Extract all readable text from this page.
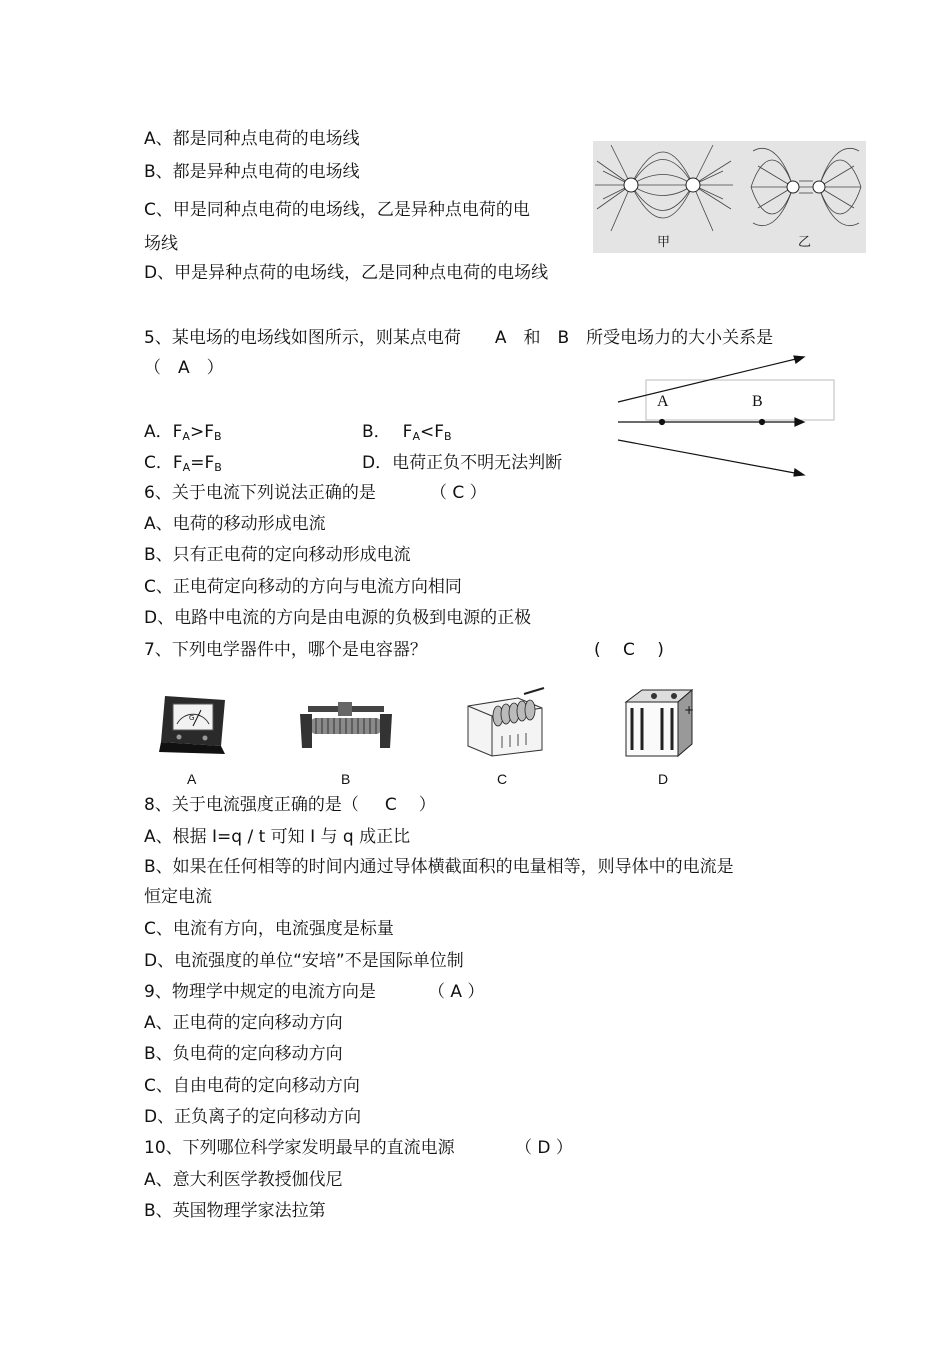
A、都是同种点电荷的电场线
B、都是异种点电荷的电场线
C、甲是同种点电荷的电场线，乙是异种点电荷的电
场线
D、甲是异种点荷的电场线，乙是同种点电荷的电场线
甲	乙
5、某电场的电场线如图所示，则某点电荷　　A　和　B　所受电场力的大小关系是
（　A　）
A．$F_A>F_B$	B． $F_A<F_B$
C．$F_A=F_B$	D．电荷正负不明无法判断
A	B
6、关于电流下列说法正确的是	（ C ）
A、电荷的移动形成电流
B、只有正电荷的定向移动形成电流
C、正电荷定向移动的方向与电流方向相同
D、电路中电流的方向是由电源的负极到电源的正极
7、下列电学器件中，哪个是电容器？	(　 C　 )
G
A	B	C
+
D
8、关于电流强度正确的是（ C ）
A、根据 I=q / t 可知 I 与 q 成正比
B、如果在任何相等的时间内通过导体横截面积的电量相等，则导体中的电流是
恒定电流
C、电流有方向，电流强度是标量
D、电流强度的单位“安培”不是国际单位制
9、物理学中规定的电流方向是	（ A ）
A、正电荷的定向移动方向
B、负电荷的定向移动方向
C、自由电荷的定向移动方向
D、正负离子的定向移动方向
10、下列哪位科学家发明最早的直流电源	（ D ）
A、意大利医学教授伽伐尼
B、英国物理学家法拉第
